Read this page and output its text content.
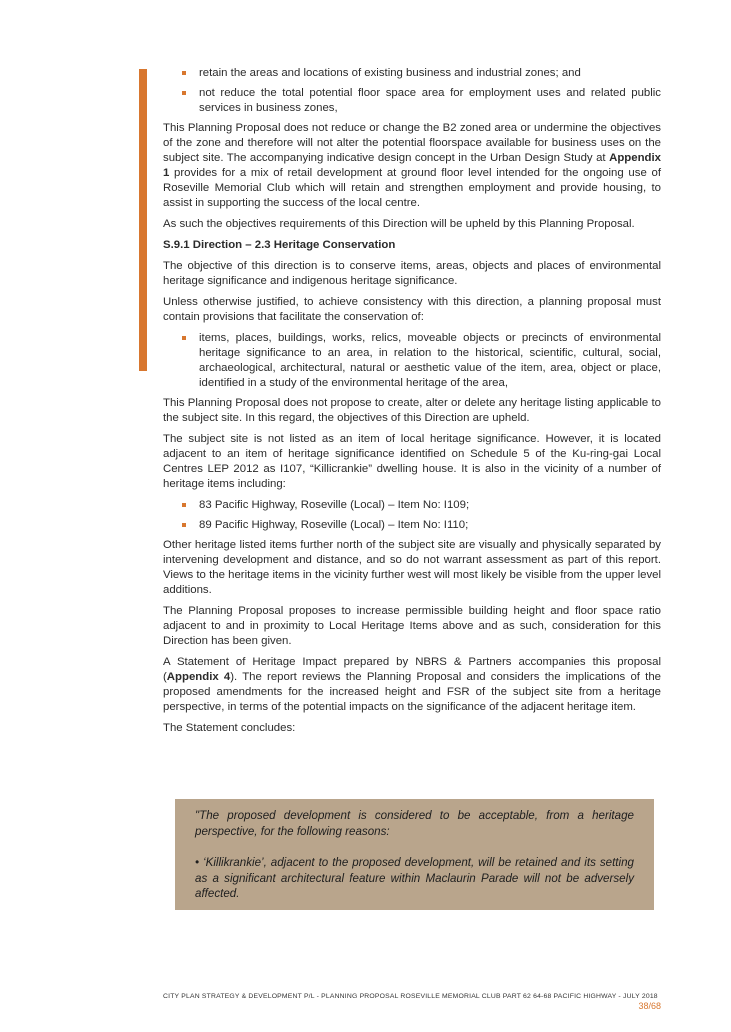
retain the areas and locations of existing business and industrial zones; and
not reduce the total potential floor space area for employment uses and related public services in business zones,

This Planning Proposal does not reduce or change the B2 zoned area or undermine the objectives of the zone and therefore will not alter the potential floorspace available for business uses on the subject site. The accompanying indicative design concept in the Urban Design Study at Appendix 1 provides for a mix of retail development at ground floor level intended for the ongoing use of Roseville Memorial Club which will retain and strengthen employment and provide housing, to assist in supporting the success of the local centre.

As such the objectives requirements of this Direction will be upheld by this Planning Proposal.

S.9.1 Direction – 2.3 Heritage Conservation

The objective of this direction is to conserve items, areas, objects and places of environmental heritage significance and indigenous heritage significance.

Unless otherwise justified, to achieve consistency with this direction, a planning proposal must contain provisions that facilitate the conservation of:

items, places, buildings, works, relics, moveable objects or precincts of environmental heritage significance to an area, in relation to the historical, scientific, cultural, social, archaeological, architectural, natural or aesthetic value of the item, area, object or place, identified in a study of the environmental heritage of the area,

This Planning Proposal does not propose to create, alter or delete any heritage listing applicable to the subject site. In this regard, the objectives of this Direction are upheld.

The subject site is not listed as an item of local heritage significance. However, it is located adjacent to an item of heritage significance identified on Schedule 5 of the Ku-ring-gai Local Centres LEP 2012 as I107, “Killicrankie” dwelling house. It is also in the vicinity of a number of heritage items including:

83 Pacific Highway, Roseville (Local) – Item No: I109;
89 Pacific Highway, Roseville (Local) – Item No: I110;

Other heritage listed items further north of the subject site are visually and physically separated by intervening development and distance, and so do not warrant assessment as part of this report. Views to the heritage items in the vicinity further west will most likely be visible from the upper level additions.

The Planning Proposal proposes to increase permissible building height and floor space ratio adjacent to and in proximity to Local Heritage Items above and as such, consideration for this Direction has been given.

A Statement of Heritage Impact prepared by NBRS & Partners accompanies this proposal (Appendix 4). The report reviews the Planning Proposal and considers the implications of the proposed amendments for the increased height and FSR of the subject site from a heritage perspective, in terms of the potential impacts on the significance of the adjacent heritage item.

The Statement concludes:

"The proposed development is considered to be acceptable, from a heritage perspective, for the following reasons:

• ‘Killikrankie’, adjacent to the proposed development, will be retained and its setting as a significant architectural feature within Maclaurin Parade will not be adversely affected.

CITY PLAN STRATEGY & DEVELOPMENT P/L - PLANNING PROPOSAL ROSEVILLE MEMORIAL CLUB PART 62 64-68 PACIFIC HIGHWAY - JULY 2018
38/68
